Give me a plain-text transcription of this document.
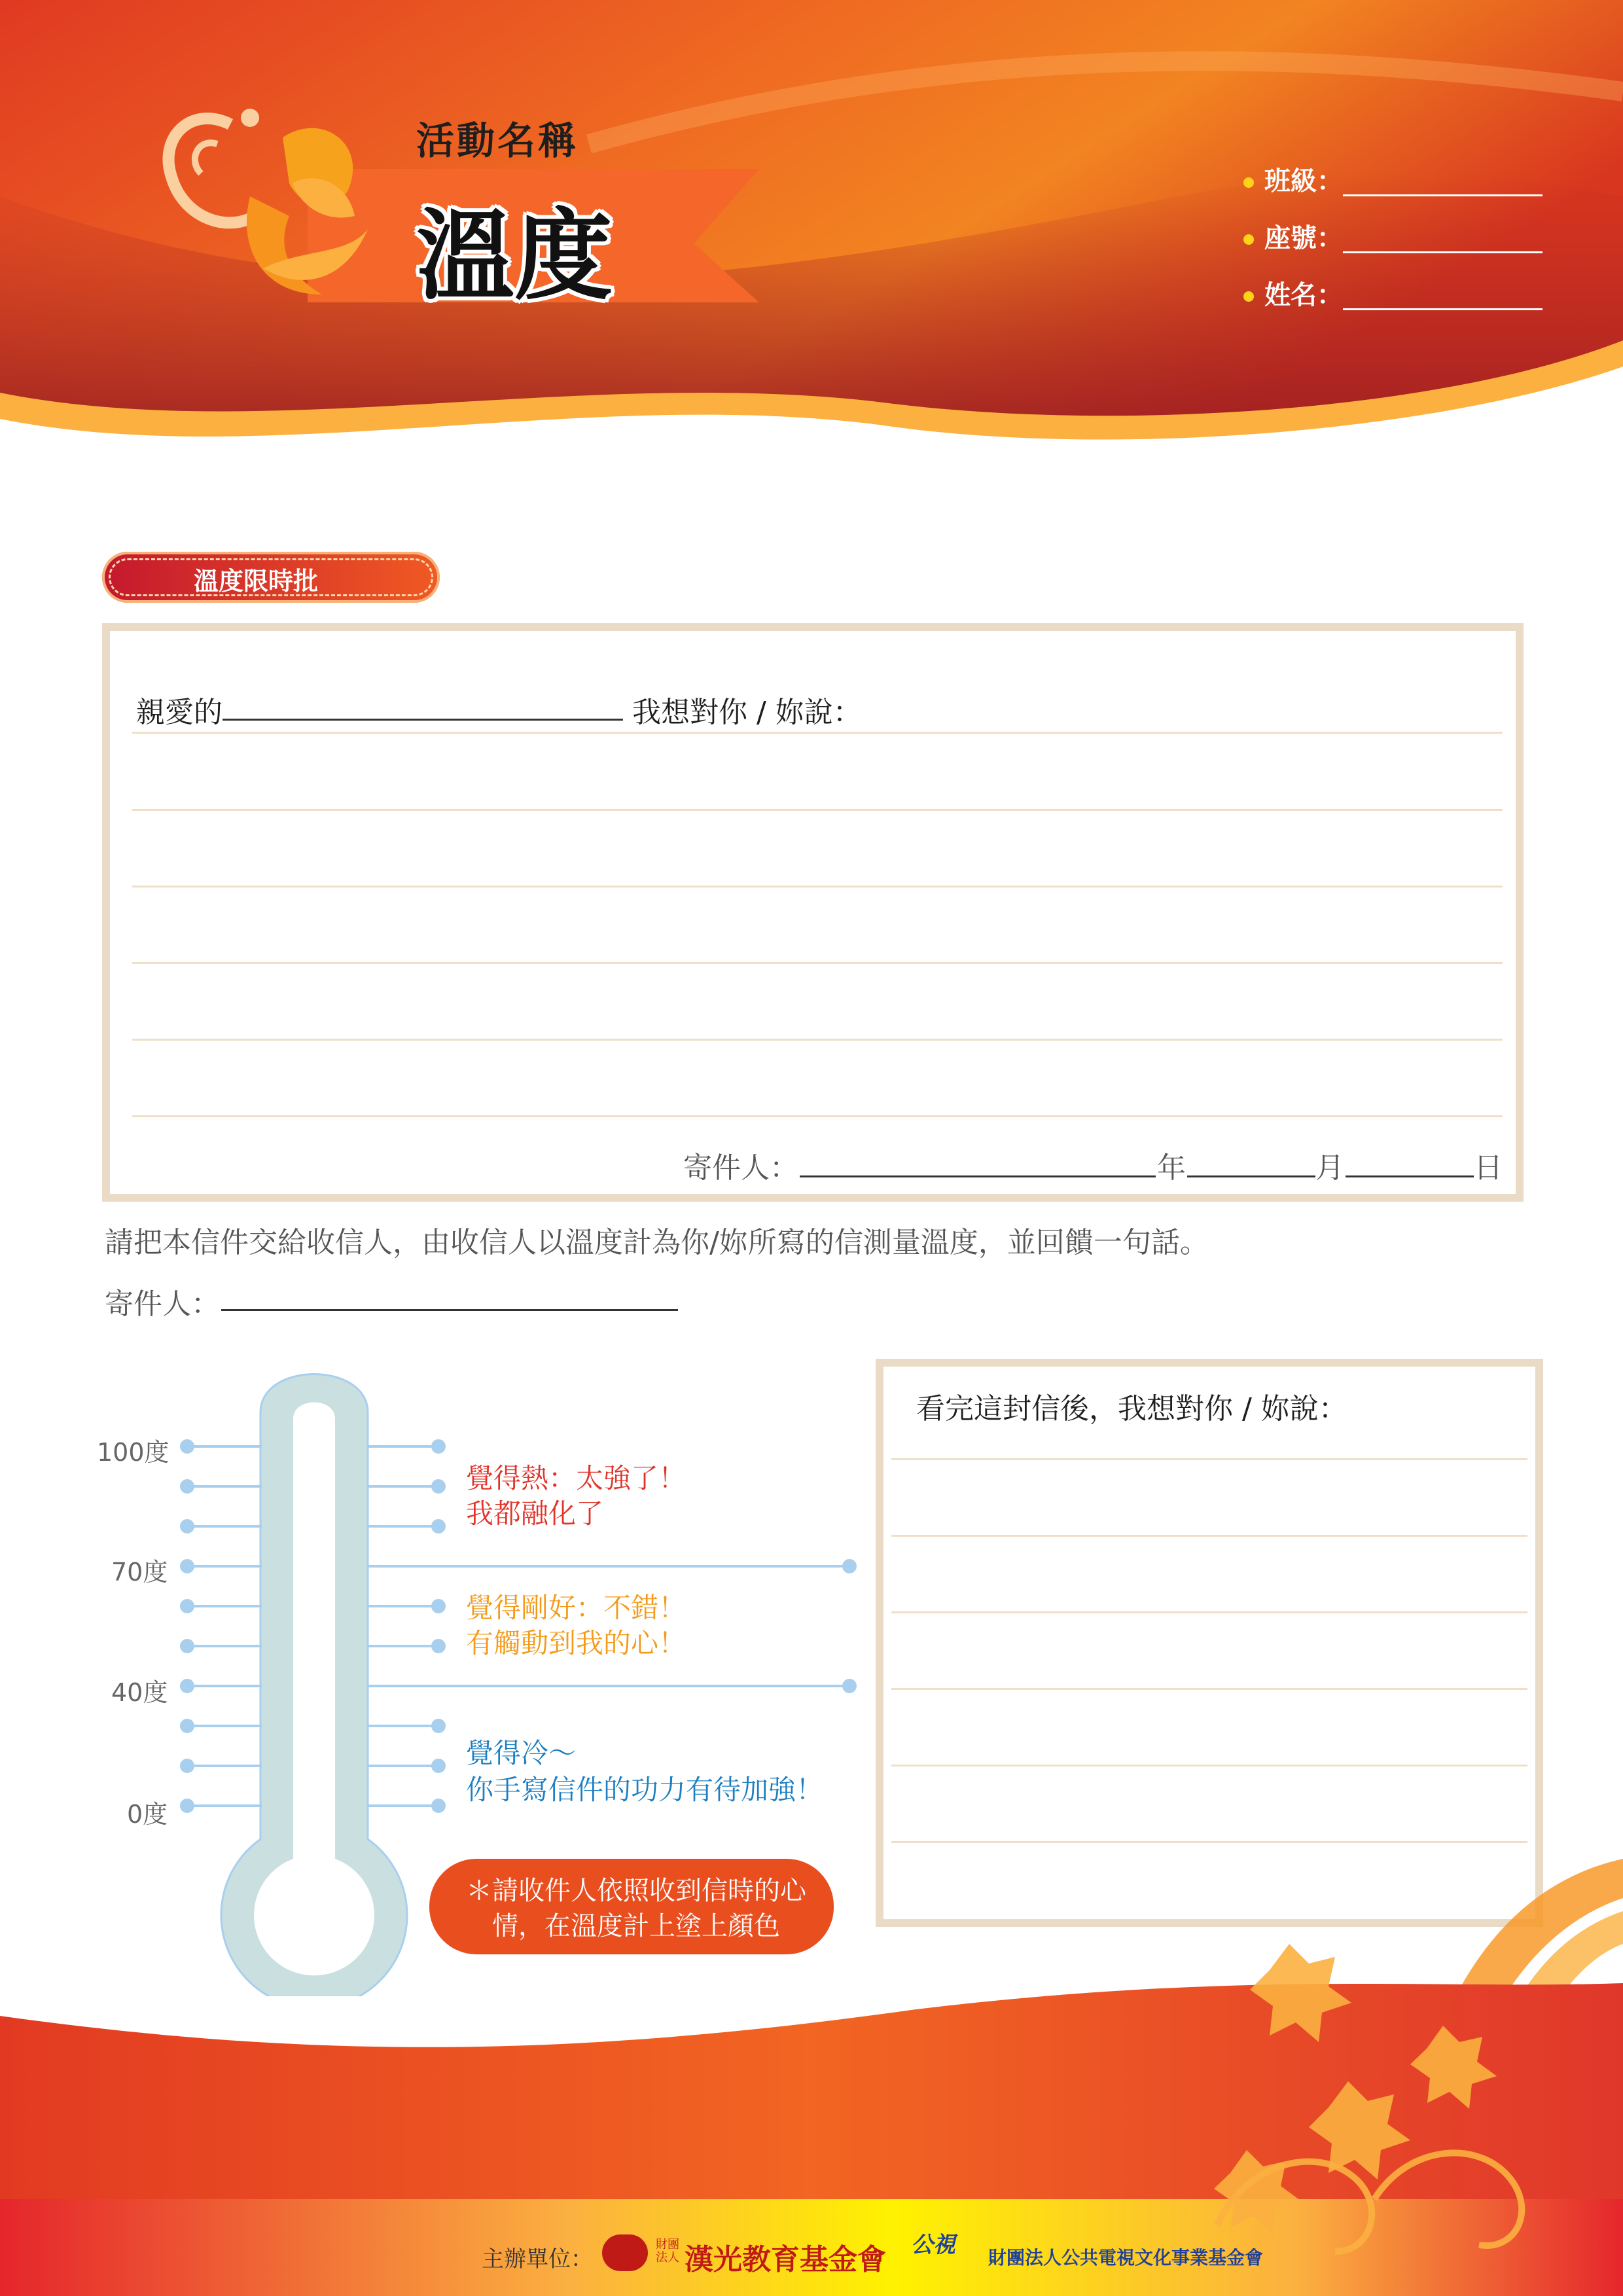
活動名稱
溫度
班級：
座號：
姓名：
溫度限時批
親愛的	我想對你 / 妳說：
寄件人：	年	月	日
請把本信件交給收信人，由收信人以溫度計為你/妳所寫的信測量溫度，並回饋一句話。
寄件人：
100度
70度
40度
0度
覺得熱：太強了！
我都融化了
覺得剛好：不錯！
有觸動到我的心！
覺得冷～
你手寫信件的功力有待加強！
＊請收件人依照收到信時的心情，在溫度計上塗上顏色
看完這封信後，我想對你 / 妳說：
主辦單位：
財團法人 漢光教育基金會 公視 財團法人公共電視文化事業基金會
